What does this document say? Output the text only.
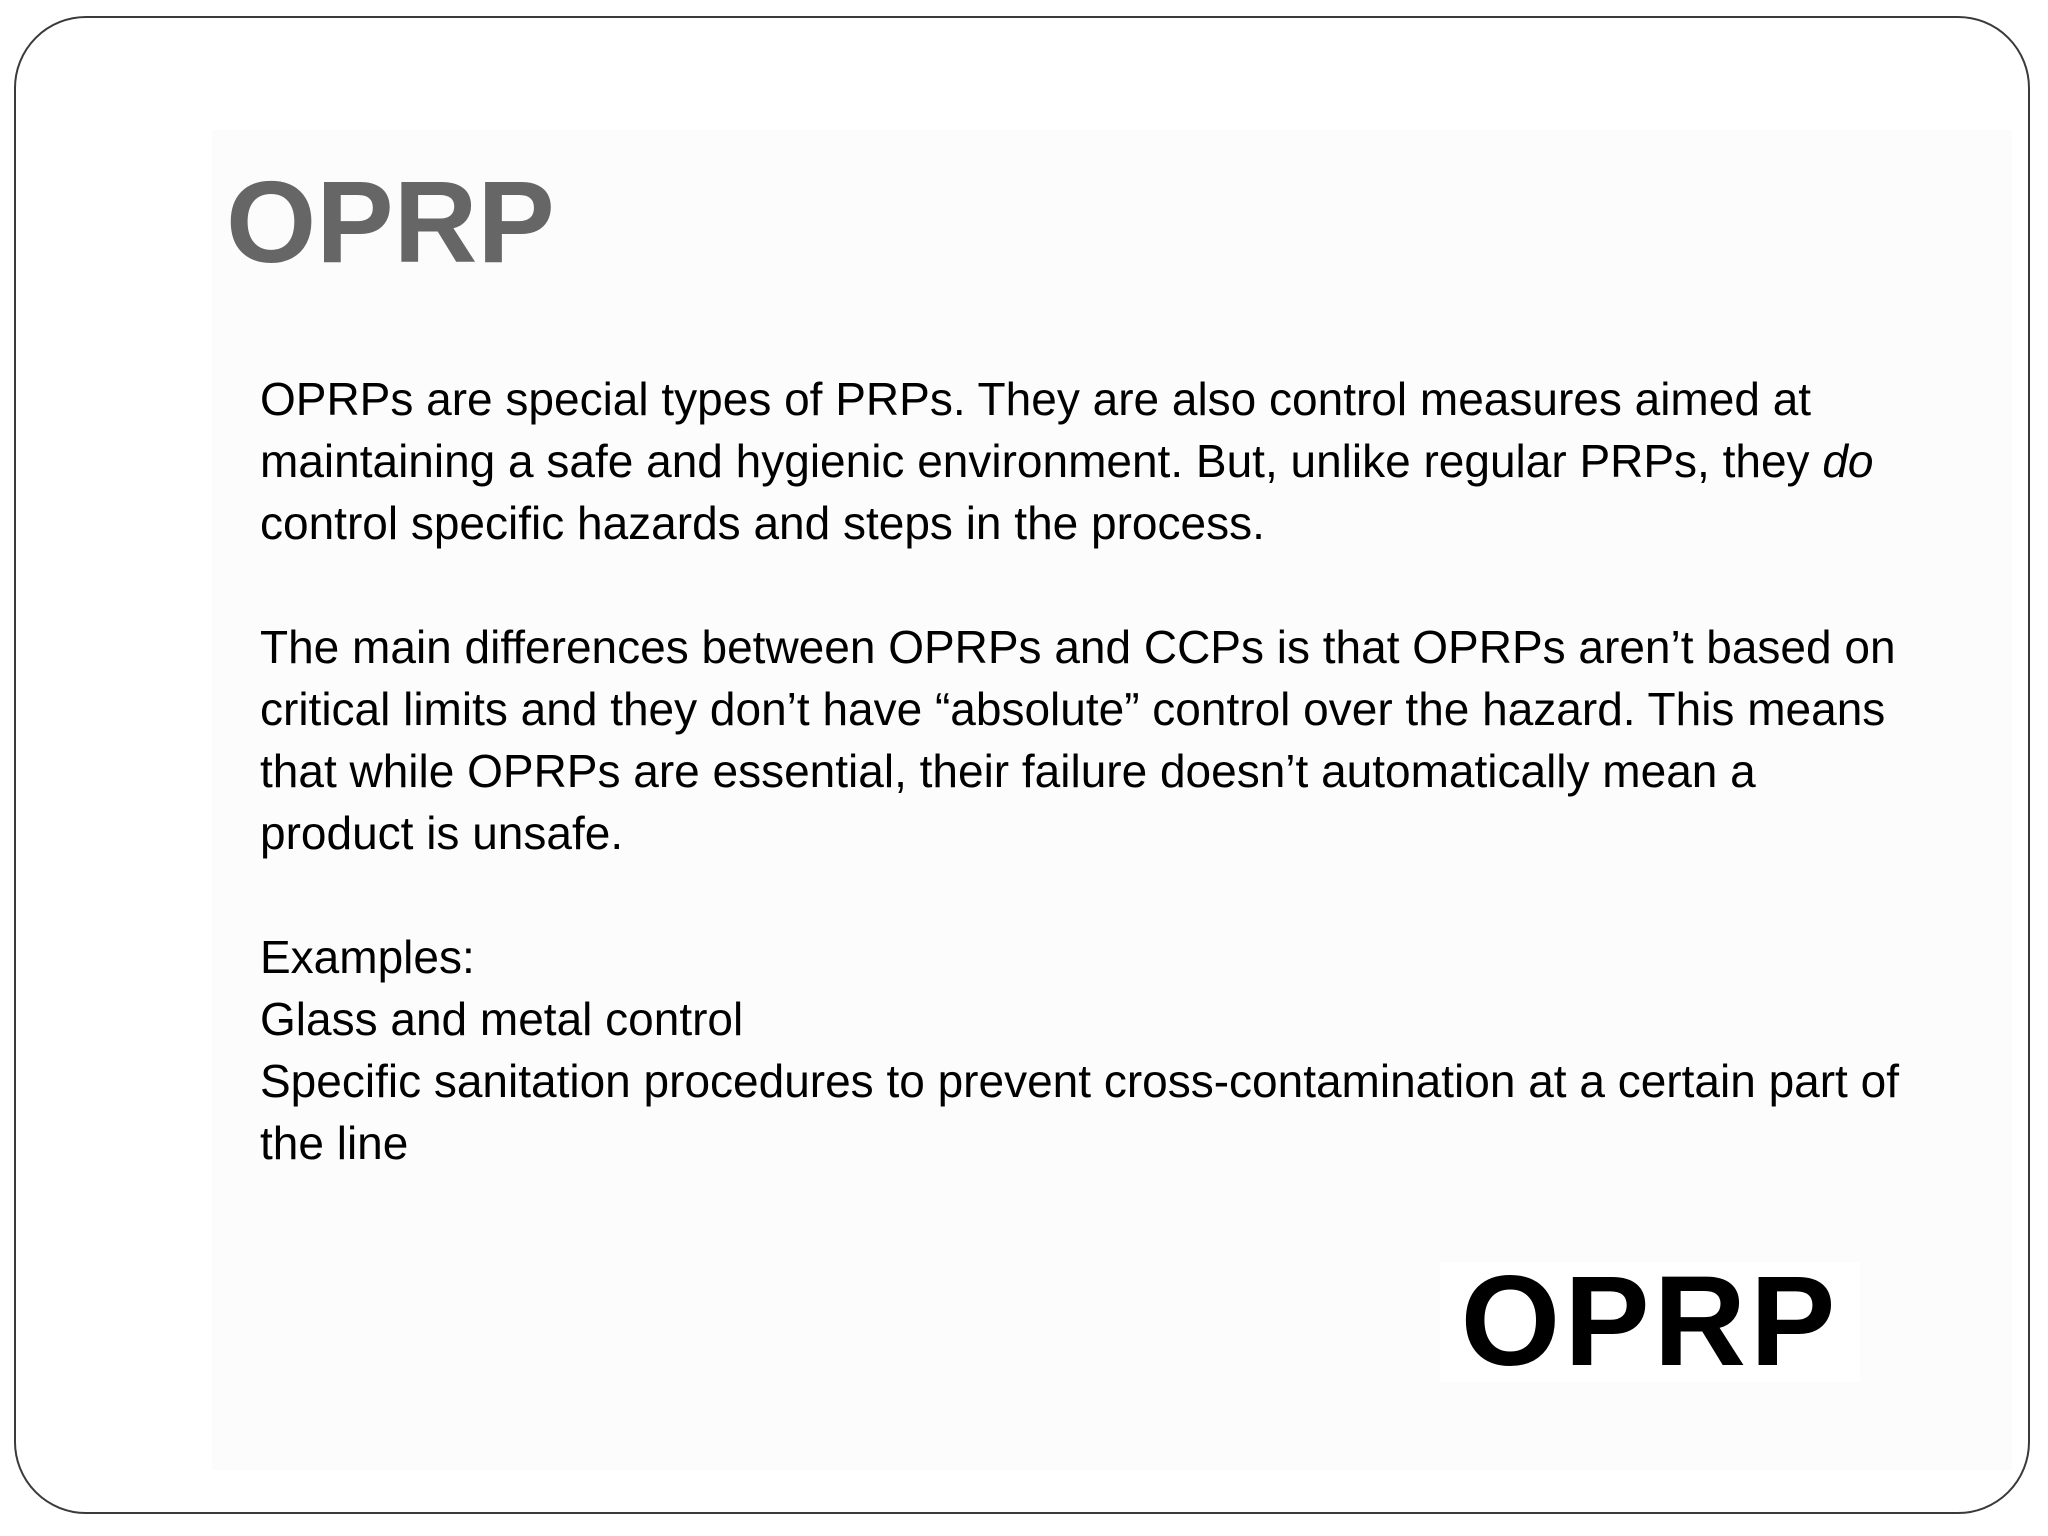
OPRP

OPRPs are special types of PRPs. They are also control measures aimed at maintaining a safe and hygienic environment. But, unlike regular PRPs, they do control specific hazards and steps in the process.

The main differences between OPRPs and CCPs is that OPRPs aren’t based on critical limits and they don’t have “absolute” control over the hazard. This means that while OPRPs are essential, their failure doesn’t automatically mean a product is unsafe.

Examples:

Glass and metal control

Specific sanitation procedures to prevent cross-contamination at a certain part of the line

OPRP
